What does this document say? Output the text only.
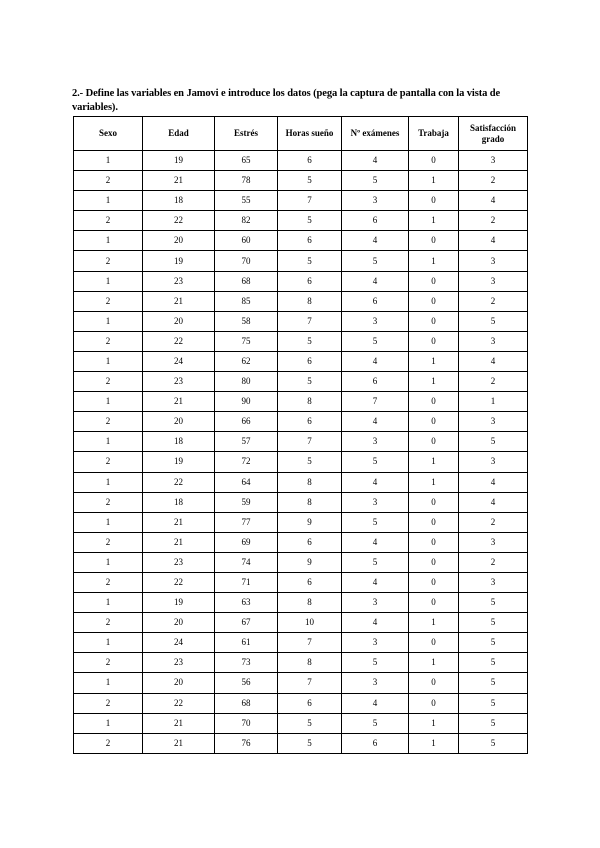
2.- Define las variables en Jamovi e introduce los datos (pega la captura de pantalla con la vista de variables).
Sexo	Edad	Estrés	Horas sueño	Nº exámenes	Trabaja	Satisfacción grado
1	19	65	6	4	0	3
2	21	78	5	5	1	2
1	18	55	7	3	0	4
2	22	82	5	6	1	2
1	20	60	6	4	0	4
2	19	70	5	5	1	3
1	23	68	6	4	0	3
2	21	85	8	6	0	2
1	20	58	7	3	0	5
2	22	75	5	5	0	3
1	24	62	6	4	1	4
2	23	80	5	6	1	2
1	21	90	8	7	0	1
2	20	66	6	4	0	3
1	18	57	7	3	0	5
2	19	72	5	5	1	3
1	22	64	8	4	1	4
2	18	59	8	3	0	4
1	21	77	9	5	0	2
2	21	69	6	4	0	3
1	23	74	9	5	0	2
2	22	71	6	4	0	3
1	19	63	8	3	0	5
2	20	67	10	4	1	5
1	24	61	7	3	0	5
2	23	73	8	5	1	5
1	20	56	7	3	0	5
2	22	68	6	4	0	5
1	21	70	5	5	1	5
2	21	76	5	6	1	5
